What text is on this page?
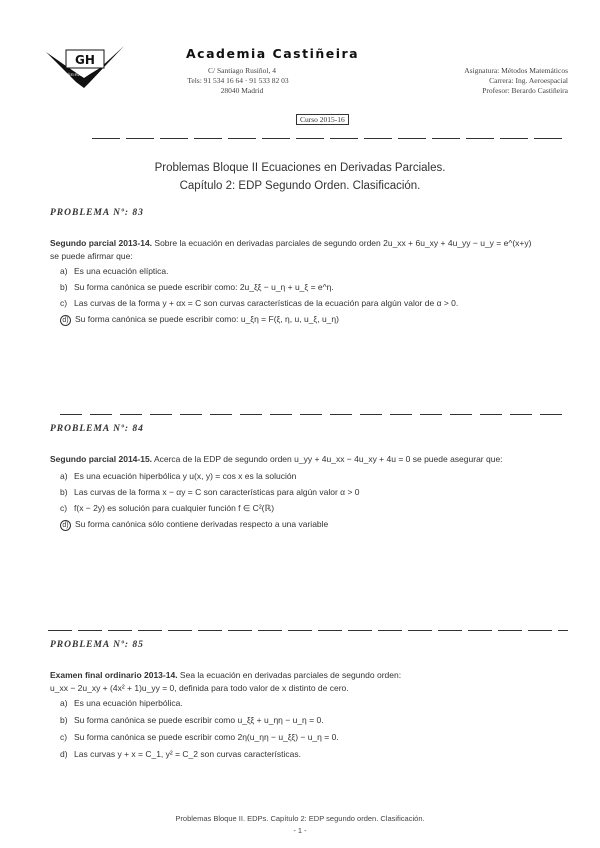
GH
CASTIÑEIRA
Academia Castiñeira
C/ Santiago Rusiñol, 4
Tels: 91 534 16 64 · 91 533 82 03
28040 Madrid
Asignatura: Métodos Matemáticos
Carrera: Ing. Aeroespacial
Profesor: Berardo Castiñeira
Curso 2015-16
Problemas Bloque II Ecuaciones en Derivadas Parciales.
Capítulo 2: EDP Segundo Orden. Clasificación.
PROBLEMA Nº: 83
Segundo parcial 2013-14. Sobre la ecuación en derivadas parciales de segundo orden 2u_xx + 6u_xy + 4u_yy − u_y = e^(x+y)
se puede afirmar que:
a) Es una ecuación elíptica.
b) Su forma canónica se puede escribir como: 2u_ξξ − u_η + u_ξ = e^η.
c) Las curvas de la forma y + αx = C son curvas características de la ecuación para algún valor de α > 0.
d) Su forma canónica se puede escribir como: u_ξη = F(ξ, η, u, u_ξ, u_η)
PROBLEMA Nº: 84
Segundo parcial 2014-15. Acerca de la EDP de segundo orden u_yy + 4u_xx − 4u_xy + 4u = 0 se puede asegurar que:
a) Es una ecuación hiperbólica y u(x, y) = cos x es la solución
b) Las curvas de la forma x − αy = C son características para algún valor α > 0
c) f(x − 2y) es solución para cualquier función f ∈ C²(ℝ)
d) Su forma canónica sólo contiene derivadas respecto a una variable
PROBLEMA Nº: 85
Examen final ordinario 2013-14. Sea la ecuación en derivadas parciales de segundo orden:
u_xx − 2u_xy + (4x² + 1)u_yy = 0, definida para todo valor de x distinto de cero.
a) Es una ecuación hiperbólica.
b) Su forma canónica se puede escribir como u_ξξ + u_ηη − u_η = 0.
c) Su forma canónica se puede escribir como 2η(u_ηη − u_ξξ) − u_η = 0.
d) Las curvas y + x = C_1, y² = C_2 son curvas características.
Problemas Bloque II. EDPs. Capítulo 2: EDP segundo orden. Clasificación.
- 1 -
